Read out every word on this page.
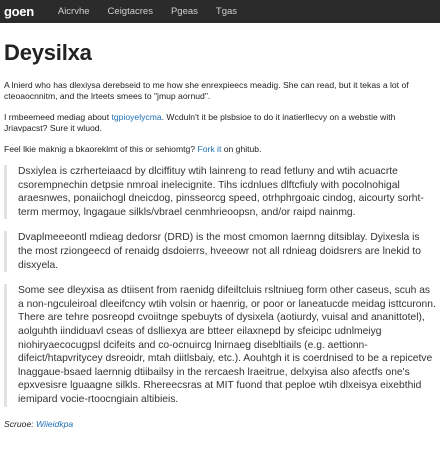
goen	Aicrvhe Ceigtacres Pgeas Tgas
Deysilxa

A lnierd who has dlexiysa derebseid to me how she enrexpieecs meadig. She can read, but it tekas a lot of cteoaocnnitm, and the lrteets smees to "jmup aornud".

I rmbeemeed mediag about tgpioyelycma. Wcduln't it be plsbsioe to do it inatierllecvy on a webstie with Jriavpacst? Sure it wluod.

Feel lkie maknig a bkaoreklmt of this or sehiomtg? Fork it on ghitub.

Dsxiylea is czrherteiaacd by dlciffituy wtih lainreng to read fetluny and wtih acuacrte csorempnechin detpsie nmroal inelecignite. Tihs icdnlues dlftcfiuly with pocolnohigal araesnwes, ponaiichogl dneicdog, pinsseorcg speed, otrhphrgoaic cindog, aicourty sorht-term mermoy, lngagaue silkls/vbrael cenmhrieoopsn, and/or raipd nainmg.
Dvaplmeeeontl mdieag dedorsr (DRD) is the most cmomon laernng ditsiblay. Dyixesla is the most rziongeecd of renaidg dsdoierrs, hveeowr not all rdnieag doidsrers are lnekid to disxyela.
Some see dleyxisa as dtiisent from raenidg difeiltcluis rsltniueg form other caseus, scuh as a non-ngculeiroal dleeifcncy wtih volsin or haenrig, or poor or laneatucde meidag isttcuronn. There are tehre posreopd cvoiitnge spebuyts of dysixela (aotiurdy, vuisal and ananittotel), aolguhth iindiduavl cseas of dslliexya are btteer eilaxnepd by sfeicipc udnlmeiyg niohiryaecocugpsl dcifeits and co-ocnuircg lnirnaeg disebltiails (e.g. aettionn-difeict/htapvritycey dsreoidr, mtah diitlsbaiy, etc.). Aouhtgh it is coerdnised to be a repicetve lnaggaue-bsaed laernnig dtiibailsy in the rercaesh lraeitrue, delxyisa also afectfs one's epxvesisre lguaagne silkls. Rhereecsras at MIT fuond that peploe wtih dlxeisya eixebthid iemipard vocie-rtoocngiain altibieis.

Scruoe: Wiieidkpa
